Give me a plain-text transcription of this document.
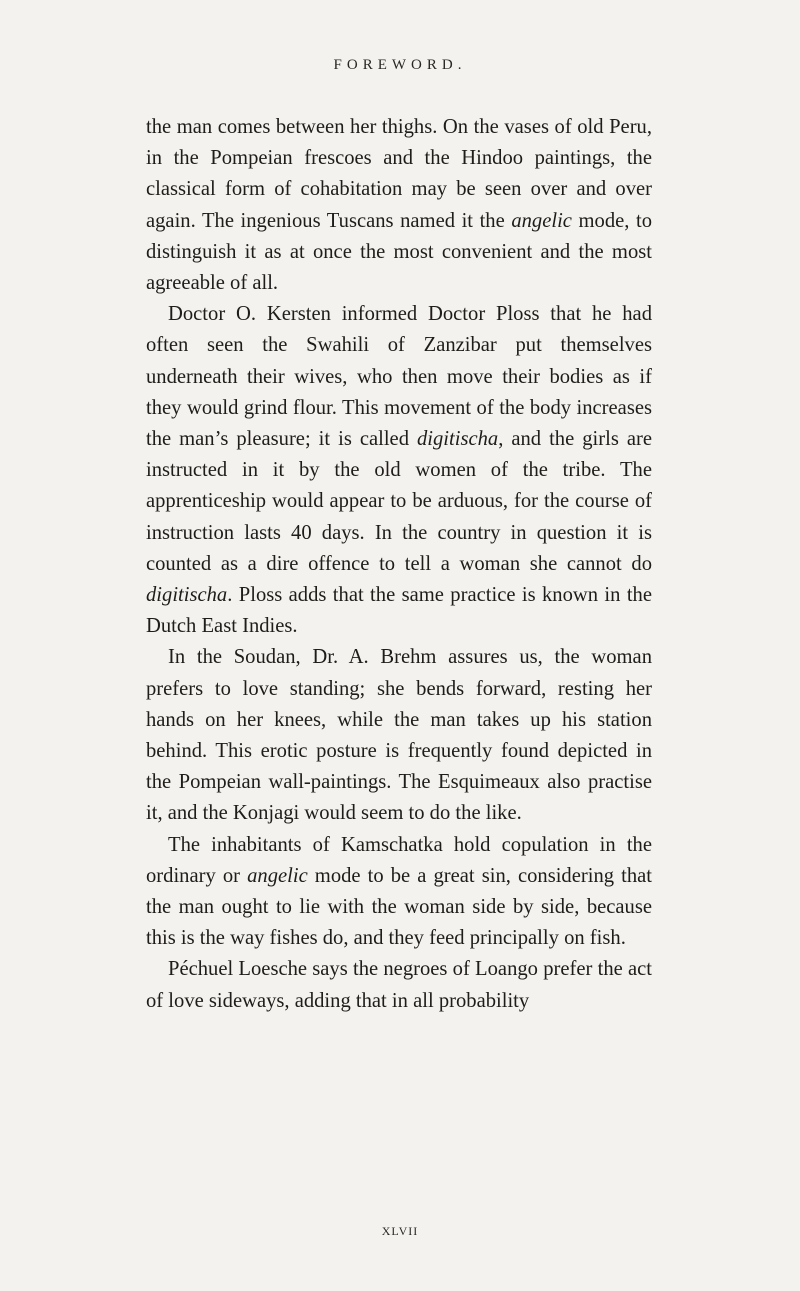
FOREWORD.

the man comes between her thighs. On the vases of old Peru, in the Pompeian frescoes and the Hindoo paintings, the classical form of cohabitation may be seen over and over again. The ingenious Tuscans named it the angelic mode, to distinguish it as at once the most convenient and the most agreeable of all.

Doctor O. Kersten informed Doctor Ploss that he had often seen the Swahili of Zanzibar put themselves underneath their wives, who then move their bodies as if they would grind flour. This movement of the body increases the man’s pleasure; it is called digitischa, and the girls are instructed in it by the old women of the tribe. The apprenticeship would appear to be arduous, for the course of instruction lasts 40 days. In the country in question it is counted as a dire offence to tell a woman she cannot do digitischa. Ploss adds that the same practice is known in the Dutch East Indies.

In the Soudan, Dr. A. Brehm assures us, the woman prefers to love standing; she bends forward, resting her hands on her knees, while the man takes up his station behind. This erotic posture is frequently found depicted in the Pompeian wall-paintings. The Esquimeaux also practise it, and the Konjagi would seem to do the like.

The inhabitants of Kamschatka hold copulation in the ordinary or angelic mode to be a great sin, considering that the man ought to lie with the woman side by side, because this is the way fishes do, and they feed principally on fish.

Péchuel Loesche says the negroes of Loango prefer the act of love sideways, adding that in all probability

XLVII
